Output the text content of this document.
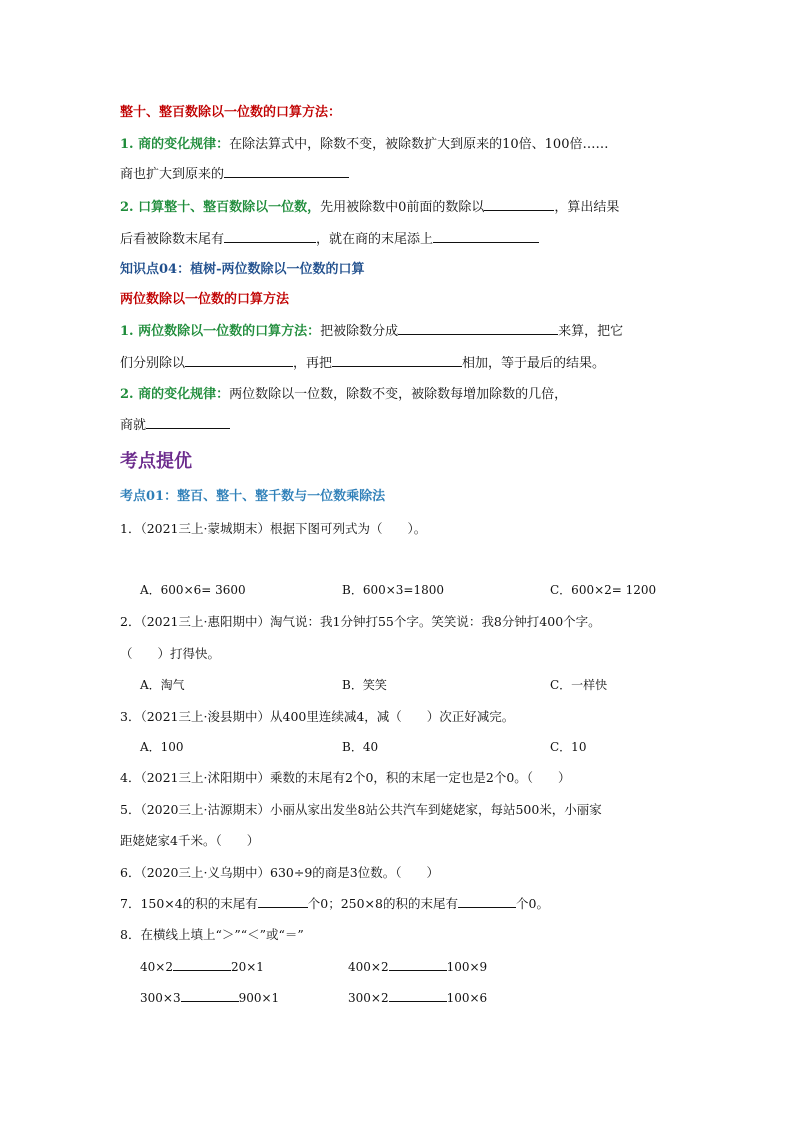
整十、整百数除以一位数的口算方法：
1. 商的变化规律：在除法算式中，除数不变，被除数扩大到原来的10倍、100倍……
商也扩大到原来的
2. 口算整十、整百数除以一位数，先用被除数中0前面的数除以	，算出结果
后看被除数末尾有	，就在商的末尾添上
知识点04：植树-两位数除以一位数的口算
两位数除以一位数的口算方法
1. 两位数除以一位数的口算方法：把被除数分成	来算，把它
们分别除以	，再把	相加，等于最后的结果。
2. 商的变化规律：两位数除以一位数，除数不变，被除数每增加除数的几倍，
商就
考点提优
考点01：整百、整十、整千数与一位数乘除法
1．（2021三上·蒙城期末）根据下图可列式为（　　）。
A．600×6= 3600	B．600×3=1800	C．600×2= 1200
2．（2021三上·惠阳期中）淘气说：我1分钟打55个字。笑笑说：我8分钟打400个字。
（　　）打得快。
A．淘气	B．笑笑	C．一样快
3．（2021三上·浚县期中）从400里连续减4，减（　　）次正好减完。
A．100	B．40	C．10
4．（2021三上·沭阳期中）乘数的末尾有2个0，积的末尾一定也是2个0。（　　）
5．（2020三上·沽源期末）小丽从家出发坐8站公共汽车到姥姥家，每站500米，小丽家
距姥姥家4千米。（　　）
6．（2020三上·义乌期中）630÷9的商是3位数。（　　）
7．150×4的积的末尾有	个0；250×8的积的末尾有	个0。
8．在横线上填上“＞”“＜”或“＝”
40×2	20×1	400×2	100×9
300×3	900×1	300×2	100×6
